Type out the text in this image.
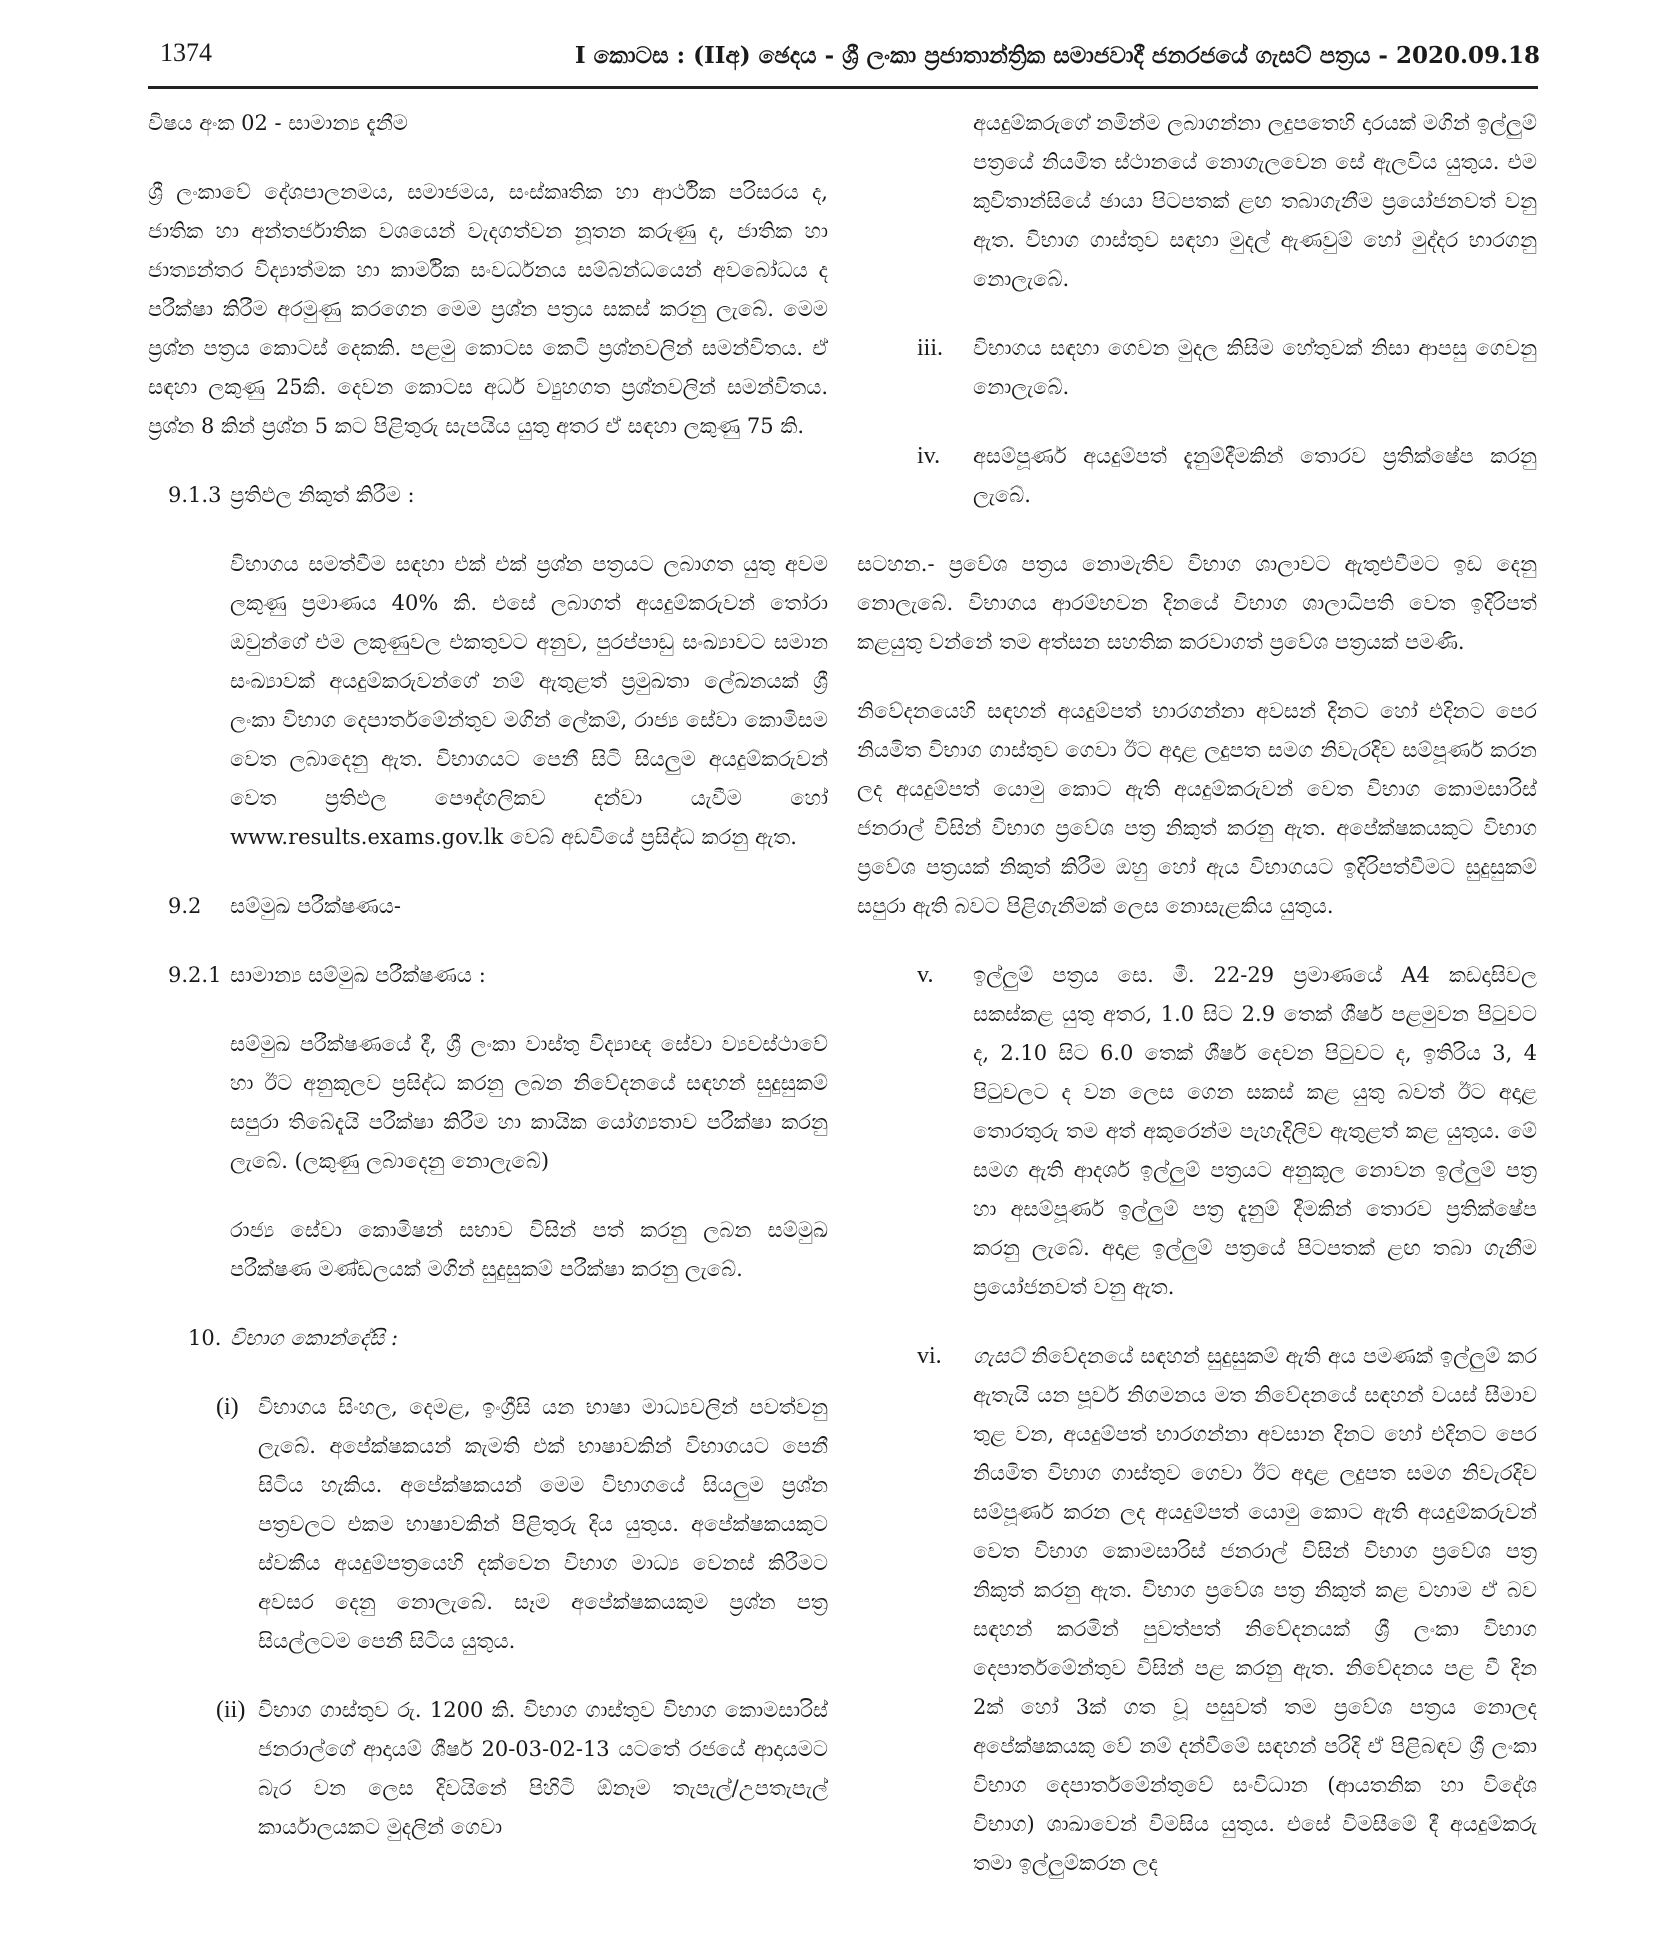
1374	I කොටස : (IIඅ) ඡෙදය - ශ්‍රී ලංකා ප්‍රජාතාන්ත්‍රික සමාජවාදී ජනරජයේ ගැසට් පත්‍රය - 2020.09.18

විෂය අංක 02 - සාමාන්‍ය දැනීම

ශ්‍රී ලංකාවේ දේශපාලනමය, සමාජමය, සංස්කෘතික හා ආර්ථික පරිසරය ද, ජාතික හා අන්තර්ජාතික වශයෙන් වැදගත්වන නූතන කරුණු ද, ජාතික හා ජාත්‍යන්තර විද්‍යාත්මක හා කාර්මික සංවර්ධනය සම්බන්ධයෙන් අවබෝධය ද පරීක්ෂා කිරීම අරමුණු කරගෙන මෙම ප්‍රශ්න පත්‍රය සකස් කරනු ලැබේ. මෙම ප්‍රශ්න පත්‍රය කොටස් දෙකකි. පළමු කොටස කෙටි ප්‍රශ්නවලින් සමන්විතය. ඒ සඳහා ලකුණු 25කි. දෙවන කොටස අර්ධ ව්‍යුහගත ප්‍රශ්නවලින් සමන්විතය. ප්‍රශ්න 8 කින් ප්‍රශ්න 5 කට පිළිතුරු සැපයිය යුතු අතර ඒ සඳහා ලකුණු 75 කි.

9.1.3 ප්‍රතිඵල නිකුත් කිරීම :

විභාගය සමත්වීම සඳහා එක් එක් ප්‍රශ්න පත්‍රයට ලබාගත යුතු අවම ලකුණු ප්‍රමාණය 40% කි. එසේ ලබාගත් අයදුම්කරුවන් තෝරා ඔවුන්ගේ එම ලකුණුවල එකතුවට අනුව, පුරප්පාඩු සංඛ්‍යාවට සමාන සංඛ්‍යාවක් අයදුම්කරුවන්ගේ නම් ඇතුළත් ප්‍රමුඛතා ලේඛනයක් ශ්‍රී ලංකා විභාග දෙපාර්තමේන්තුව මගින් ලේකම්, රාජ්‍ය සේවා කොමිසම වෙත ලබාදෙනු ඇත. විභාගයට පෙනී සිටි සියලුම අයදුම්කරුවන් වෙත ප්‍රතිඵල පෞද්ගලිකව දන්වා යැවීම හෝ www.results.exams.gov.lk වෙබ් අඩවියේ ප්‍රසිද්ධ කරනු ඇත.

9.2	සම්මුඛ පරීක්ෂණය-
9.2.1 සාමාන්‍ය සම්මුඛ පරීක්ෂණය :

සම්මුඛ පරීක්ෂණයේ දී, ශ්‍රී ලංකා වාස්තු විද්‍යාඥ සේවා ව්‍යවස්ථාවේ හා ඊට අනුකූලව ප්‍රසිද්ධ කරනු ලබන නිවේදනයේ සඳහන් සුදුසුකම් සපුරා තිබේදැයි පරීක්ෂා කිරීම හා කායික යෝග්‍යතාව පරීක්ෂා කරනු ලැබේ. (ලකුණු ලබාදෙනු නොලැබේ)

රාජ්‍ය සේවා කොමිෂන් සභාව විසින් පත් කරනු ලබන සම්මුඛ පරීක්ෂණ මණ්ඩලයක් මගින් සුදුසුකම් පරීක්ෂා කරනු ලැබේ.

10. විභාග කොන්දේසි :
(i) විභාගය සිංහල, දෙමළ, ඉංග්‍රීසි යන භාෂා මාධ්‍යවලින් පවත්වනු ලැබේ. අපේක්ෂකයන් කැමති එක් භාෂාවකින් විභාගයට පෙනී සිටිය හැකිය. අපේක්ෂකයන් මෙම විභාගයේ සියලුම ප්‍රශ්න පත්‍රවලට එකම භාෂාවකින් පිළිතුරු දිය යුතුය. අපේක්ෂකයකුට ස්වකීය අයදුම්පත්‍රයෙහි දක්වෙන විභාග මාධ්‍ය වෙනස් කිරීමට අවසර දෙනු නොලැබේ. සෑම අපේක්ෂකයකුම ප්‍රශ්න පත්‍ර සියල්ලටම පෙනී සිටිය යුතුය.
(ii) විභාග ගාස්තුව රු. 1200 කි. විභාග ගාස්තුව විභාග කොමසාරිස් ජනරාල්ගේ ආදායම් ශීර්ෂ 20-03-02-13 යටතේ රජයේ ආදායමට බැර වන ලෙස දිවයිනේ පිහිටි ඕනෑම තැපැල්/උපතැපැල් කාර්යාලයකට මුදලින් ගෙවා

අයදුම්කරුගේ නමින්ම ලබාගන්නා ලදුපතෙහි දාරයක් මගින් ඉල්ලුම් පත්‍රයේ නියමිත ස්ථානයේ නොගැලවෙන සේ ඇලවිය යුතුය. එම කුවිතාන්සියේ ඡායා පිටපතක් ළඟ තබාගැනීම ප්‍රයෝජනවත් වනු ඇත. විභාග ගාස්තුව සඳහා මුදල් ඇණවුම් හෝ මුද්දර භාරගනු නොලැබේ.

iii.	විභාගය සඳහා ගෙවන මුදල කිසිම හේතුවක් නිසා ආපසු ගෙවනු නොලැබේ.
iv.	අසම්පූර්ණ අයදුම්පත් දැනුම්දීමකින් තොරව ප්‍රතික්ෂේප කරනු ලැබේ.

සටහන.- ප්‍රවේශ පත්‍රය නොමැතිව විභාග ශාලාවට ඇතුළුවීමට ඉඩ දෙනු නොලැබේ. විභාගය ආරම්භවන දිනයේ විභාග ශාලාධිපති වෙත ඉදිරිපත් කළයුතු වන්නේ තම අත්සන සහතික කරවාගත් ප්‍රවේශ පත්‍රයක් පමණි.

නිවේදනයෙහි සඳහන් අයදුම්පත් භාරගන්නා අවසන් දිනට හෝ එදිනට පෙර නියමිත විභාග ගාස්තුව ගෙවා ඊට අදාළ ලදුපත සමග නිවැරදිව සම්පූර්ණ කරන ලද අයදුම්පත් යොමු කොට ඇති අයදුම්කරුවන් වෙත විභාග කොමසාරිස් ජනරාල් විසින් විභාග ප්‍රවේශ පත්‍ර නිකුත් කරනු ඇත. අපේක්ෂකයකුට විභාග ප්‍රවේශ පත්‍රයක් නිකුත් කිරීම ඔහු හෝ ඇය විභාගයට ඉදිරිපත්වීමට සුදුසුකම් සපුරා ඇති බවට පිළිගැනීමක් ලෙස නොසැළකිය යුතුය.

v.	ඉල්ලුම් පත්‍රය සෙ. මී. 22-29 ප්‍රමාණයේ A4 කඩදාසිවල සකස්කළ යුතු අතර, 1.0 සිට 2.9 තෙක් ශීර්ෂ පළමුවන පිටුවට ද, 2.10 සිට 6.0 තෙක් ශීර්ෂ දෙවන පිටුවට ද, ඉතිරිය 3, 4 පිටුවලට ද වන ලෙස ගෙන සකස් කළ යුතු බවත් ඊට අදාළ තොරතුරු තම අත් අකුරෙන්ම පැහැදිලිව ඇතුළත් කළ යුතුය. මේ සමග ඇති ආදර්ශ ඉල්ලුම් පත්‍රයට අනුකූල නොවන ඉල්ලුම් පත්‍ර හා අසම්පූර්ණ ඉල්ලුම් පත්‍ර දැනුම් දීමකින් තොරව ප්‍රතික්ෂේප කරනු ලැබේ. අදාළ ඉල්ලුම් පත්‍රයේ පිටපතක් ළඟ තබා ගැනීම ප්‍රයෝජනවත් වනු ඇත.
vi.	ගැසට් නිවේදනයේ සඳහන් සුදුසුකම් ඇති අය පමණක් ඉල්ලුම් කර ඇතැයි යන පූර්ව නිගමනය මත නිවේදනයේ සඳහන් වයස් සීමාව තුළ වන, අයදුම්පත් භාරගන්නා අවසාන දිනට හෝ එදිනට පෙර නියමිත විභාග ගාස්තුව ගෙවා ඊට අදාළ ලදුපත සමග නිවැරදිව සම්පූර්ණ කරන ලද අයදුම්පත් යොමු කොට ඇති අයදුම්කරුවන් වෙත විභාග කොමසාරිස් ජනරාල් විසින් විභාග ප්‍රවේශ පත්‍ර නිකුත් කරනු ඇත. විභාග ප්‍රවේශ පත්‍ර නිකුත් කළ වහාම ඒ බව සඳහන් කරමින් පුවත්පත් නිවේදනයක් ශ්‍රී ලංකා විභාග දෙපාර්තමේන්තුව විසින් පළ කරනු ඇත. නිවේදනය පළ වී දින 2ක් හෝ 3ක් ගත වූ පසුවත් තම ප්‍රවේශ පත්‍රය නොලද අපේක්ෂකයකු වේ නම් දන්වීමේ සඳහන් පරිදි ඒ පිළිබඳව ශ්‍රී ලංකා විභාග දෙපාර්තමේන්තුවේ සංවිධාන (ආයතනික හා විදේශ විභාග) ශාඛාවෙන් විමසිය යුතුය. එසේ විමසීමේ දී අයදුම්කරු තමා ඉල්ලුම්කරන ලද
